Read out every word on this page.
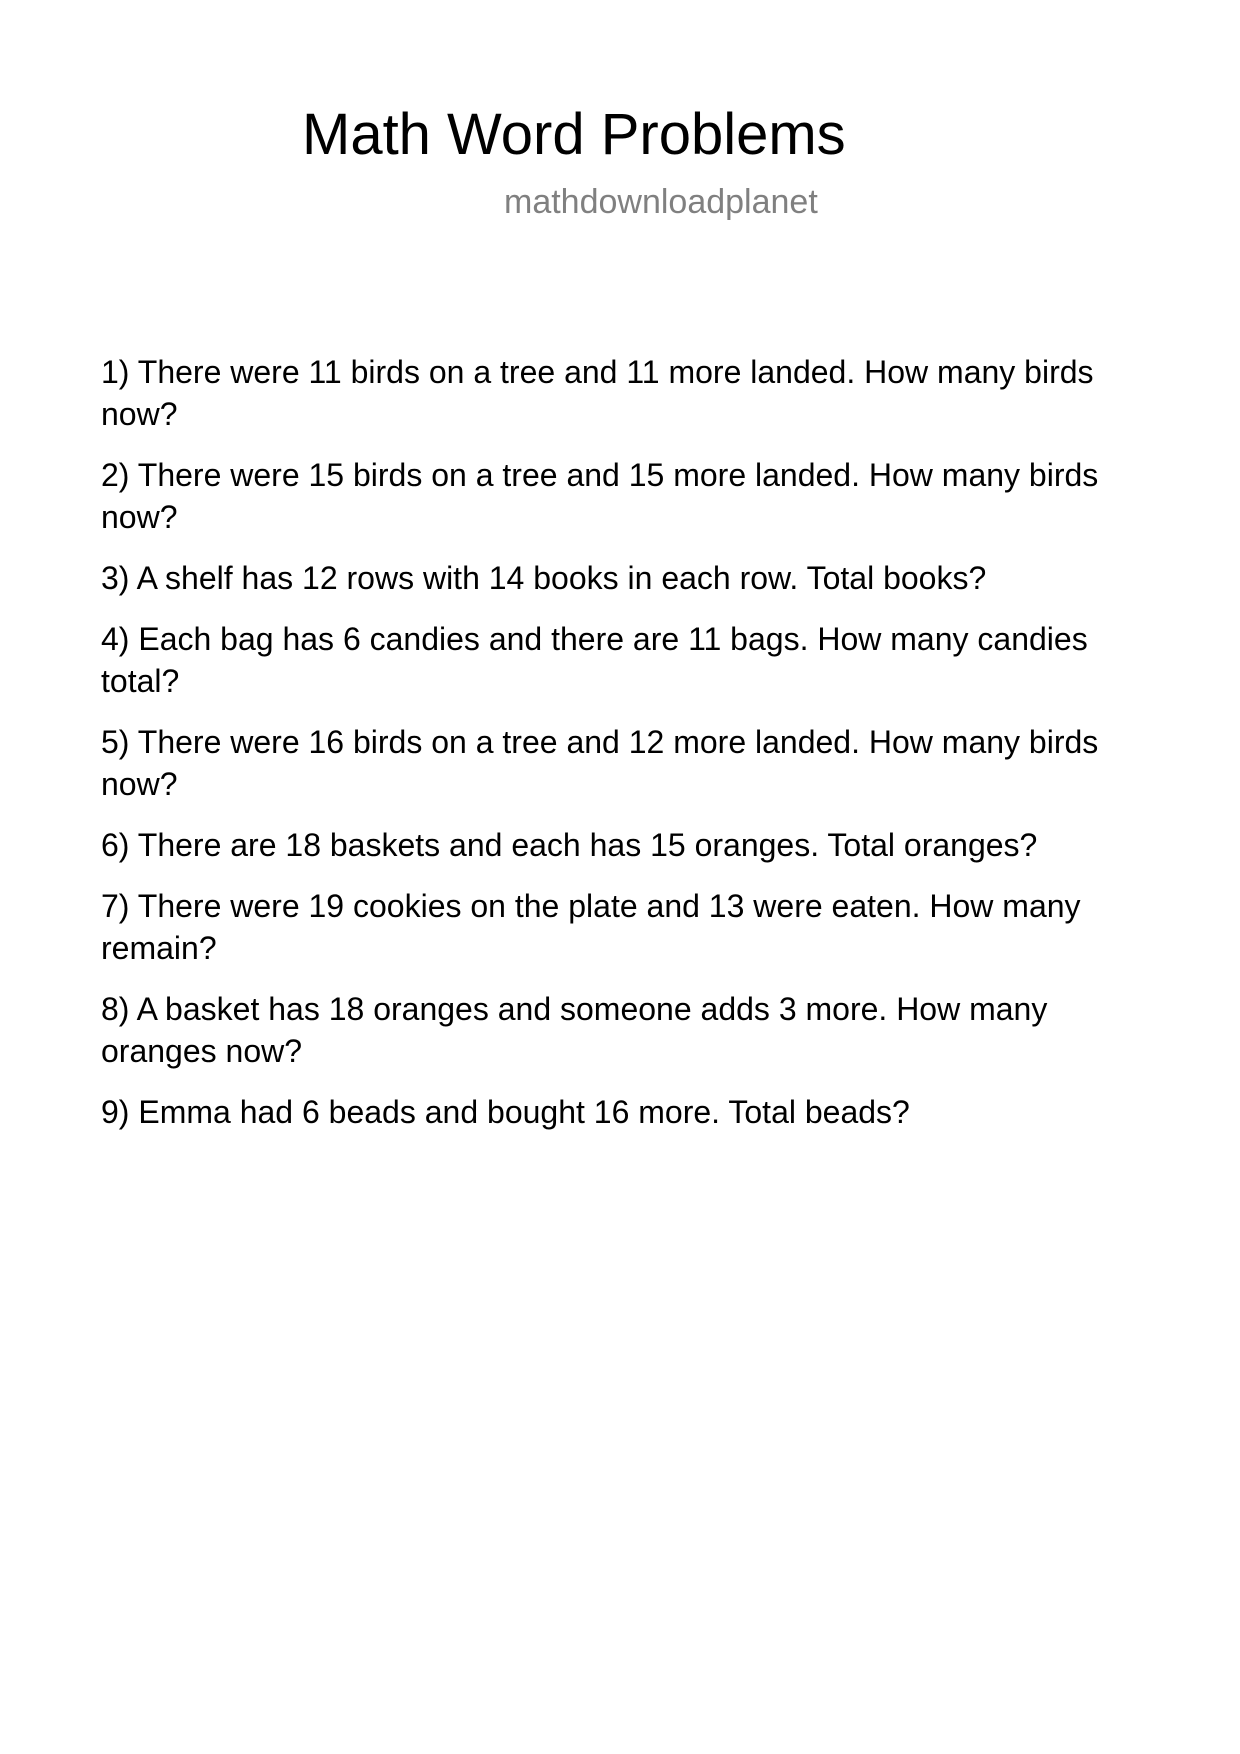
Math Word Problems
mathdownloadplanet
1) There were 11 birds on a tree and 11 more landed. How many birds now?
2) There were 15 birds on a tree and 15 more landed. How many birds now?
3) A shelf has 12 rows with 14 books in each row. Total books?
4) Each bag has 6 candies and there are 11 bags. How many candies total?
5) There were 16 birds on a tree and 12 more landed. How many birds now?
6) There are 18 baskets and each has 15 oranges. Total oranges?
7) There were 19 cookies on the plate and 13 were eaten. How many remain?
8) A basket has 18 oranges and someone adds 3 more. How many oranges now?
9) Emma had 6 beads and bought 16 more. Total beads?
